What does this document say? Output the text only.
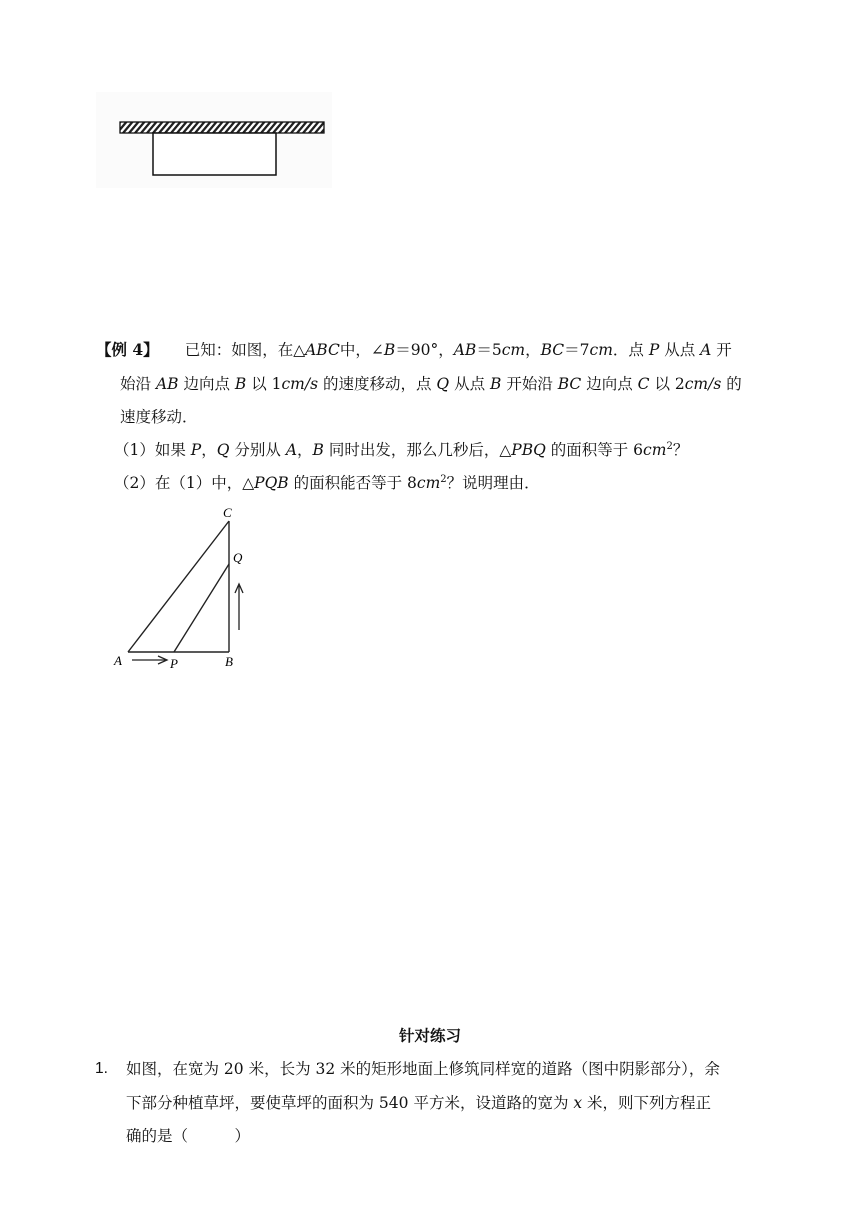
【例 4】 已知：如图，在△ABC中，∠B＝90°，AB＝5cm，BC＝7cm．点 P 从点 A 开
始沿 AB 边向点 B 以 1cm/s 的速度移动，点 Q 从点 B 开始沿 BC 边向点 C 以 2cm/s 的
速度移动．
（1）如果 P，Q 分别从 A，B 同时出发，那么几秒后，△PBQ 的面积等于 $6cm^2$？
（2）在（1）中，△PQB 的面积能否等于 $8cm^2$？说明理由．
C
Q
A	P	B
针对练习
1. 如图，在宽为 20 米，长为 32 米的矩形地面上修筑同样宽的道路（图中阴影部分），余
下部分种植草坪，要使草坪的面积为 540 平方米，设道路的宽为 x 米，则下列方程正
确的是（　　　）
